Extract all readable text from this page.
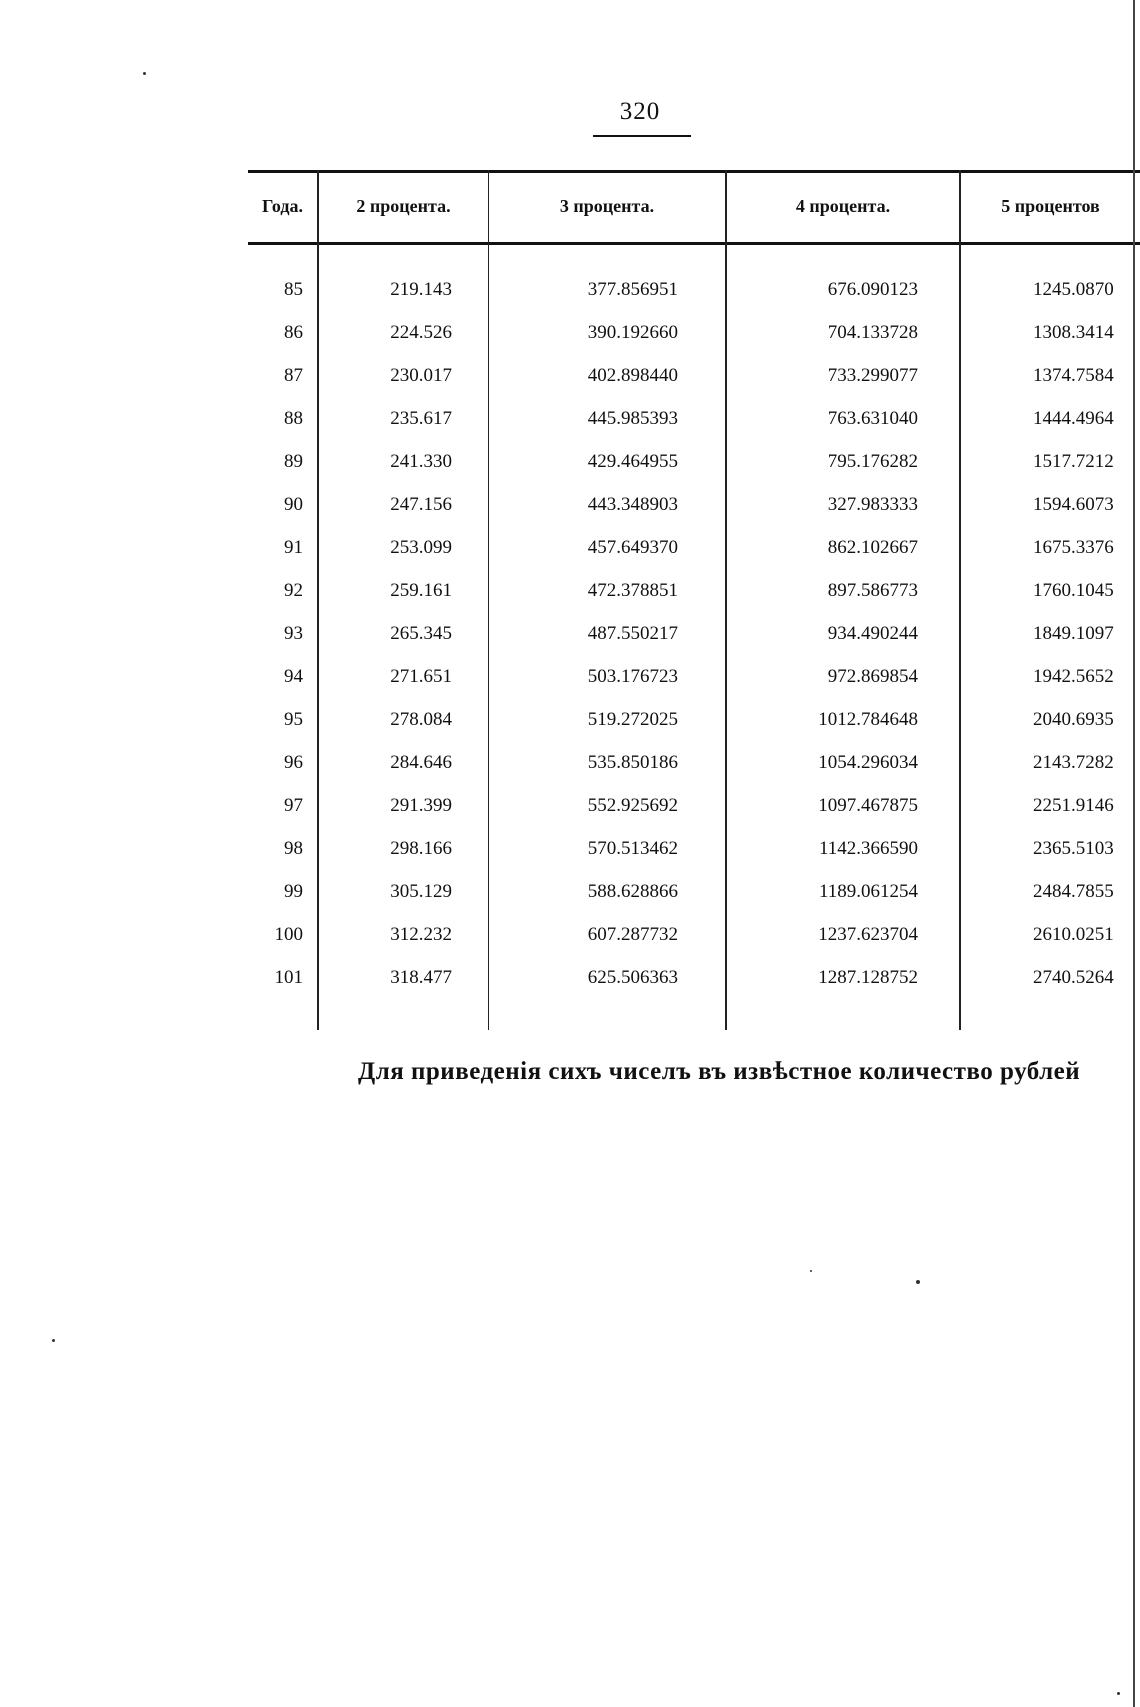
320
Года.	2 процента.	3 процента.	4 процента.	5 процентов
85	219.143	377.856951	676.090123	1245.0870
86	224.526	390.192660	704.133728	1308.3414
87	230.017	402.898440	733.299077	1374.7584
88	235.617	445.985393	763.631040	1444.4964
89	241.330	429.464955	795.176282	1517.7212
90	247.156	443.348903	327.983333	1594.6073
91	253.099	457.649370	862.102667	1675.3376
92	259.161	472.378851	897.586773	1760.1045
93	265.345	487.550217	934.490244	1849.1097
94	271.651	503.176723	972.869854	1942.5652
95	278.084	519.272025	1012.784648	2040.6935
96	284.646	535.850186	1054.296034	2143.7282
97	291.399	552.925692	1097.467875	2251.9146
98	298.166	570.513462	1142.366590	2365.5103
99	305.129	588.628866	1189.061254	2484.7855
100	312.232	607.287732	1237.623704	2610.0251
101	318.477	625.506363	1287.128752	2740.5264
Для приведенія сихъ чиселъ въ извѣстное количество рублей
